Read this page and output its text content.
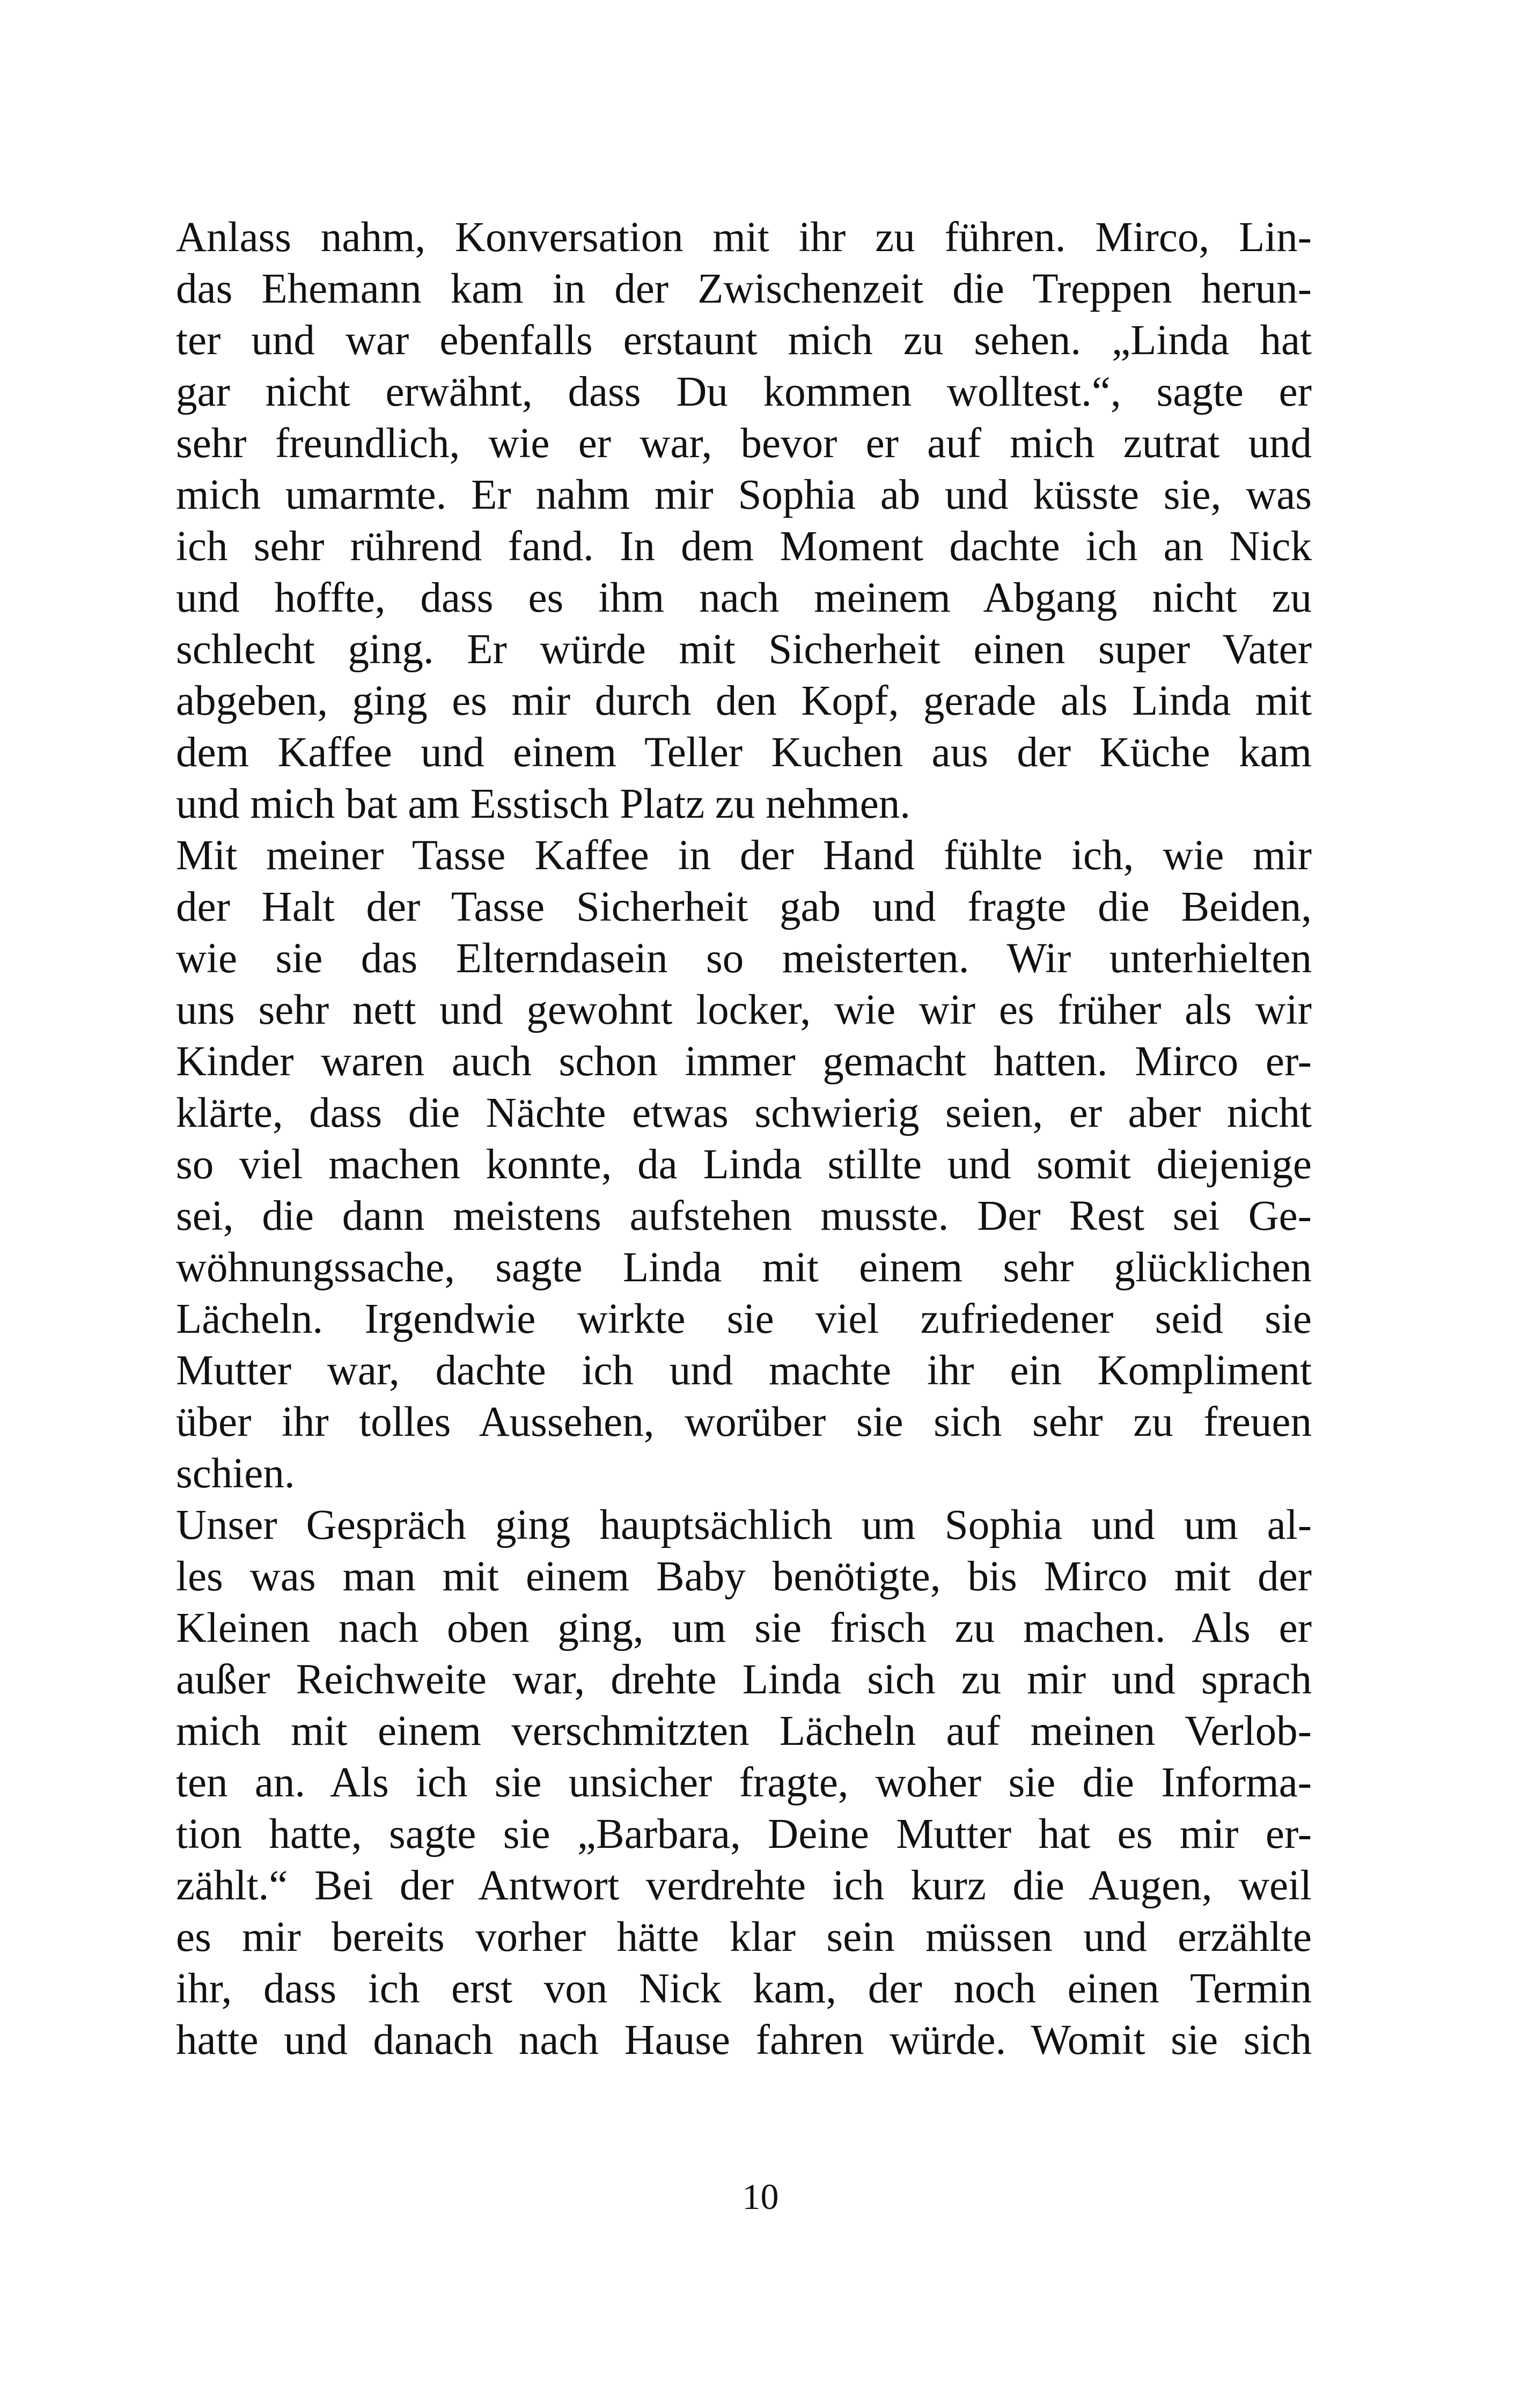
Anlass nahm, Konversation mit ihr zu führen. Mirco, Lin-
das Ehemann kam in der Zwischenzeit die Treppen herun-
ter und war ebenfalls erstaunt mich zu sehen. „Linda hat
gar nicht erwähnt, dass Du kommen wolltest.“, sagte er
sehr freundlich, wie er war, bevor er auf mich zutrat und
mich umarmte. Er nahm mir Sophia ab und küsste sie, was
ich sehr rührend fand. In dem Moment dachte ich an Nick
und hoffte, dass es ihm nach meinem Abgang nicht zu
schlecht ging. Er würde mit Sicherheit einen super Vater
abgeben, ging es mir durch den Kopf, gerade als Linda mit
dem Kaffee und einem Teller Kuchen aus der Küche kam
und mich bat am Esstisch Platz zu nehmen.
Mit meiner Tasse Kaffee in der Hand fühlte ich, wie mir
der Halt der Tasse Sicherheit gab und fragte die Beiden,
wie sie das Elterndasein so meisterten. Wir unterhielten
uns sehr nett und gewohnt locker, wie wir es früher als wir
Kinder waren auch schon immer gemacht hatten. Mirco er-
klärte, dass die Nächte etwas schwierig seien, er aber nicht
so viel machen konnte, da Linda stillte und somit diejenige
sei, die dann meistens aufstehen musste. Der Rest sei Ge-
wöhnungssache, sagte Linda mit einem sehr glücklichen
Lächeln. Irgendwie wirkte sie viel zufriedener seid sie
Mutter war, dachte ich und machte ihr ein Kompliment
über ihr tolles Aussehen, worüber sie sich sehr zu freuen
schien.
Unser Gespräch ging hauptsächlich um Sophia und um al-
les was man mit einem Baby benötigte, bis Mirco mit der
Kleinen nach oben ging, um sie frisch zu machen. Als er
außer Reichweite war, drehte Linda sich zu mir und sprach
mich mit einem verschmitzten Lächeln auf meinen Verlob-
ten an. Als ich sie unsicher fragte, woher sie die Informa-
tion hatte, sagte sie „Barbara, Deine Mutter hat es mir er-
zählt.“ Bei der Antwort verdrehte ich kurz die Augen, weil
es mir bereits vorher hätte klar sein müssen und erzählte
ihr, dass ich erst von Nick kam, der noch einen Termin
hatte und danach nach Hause fahren würde. Womit sie sich
10
